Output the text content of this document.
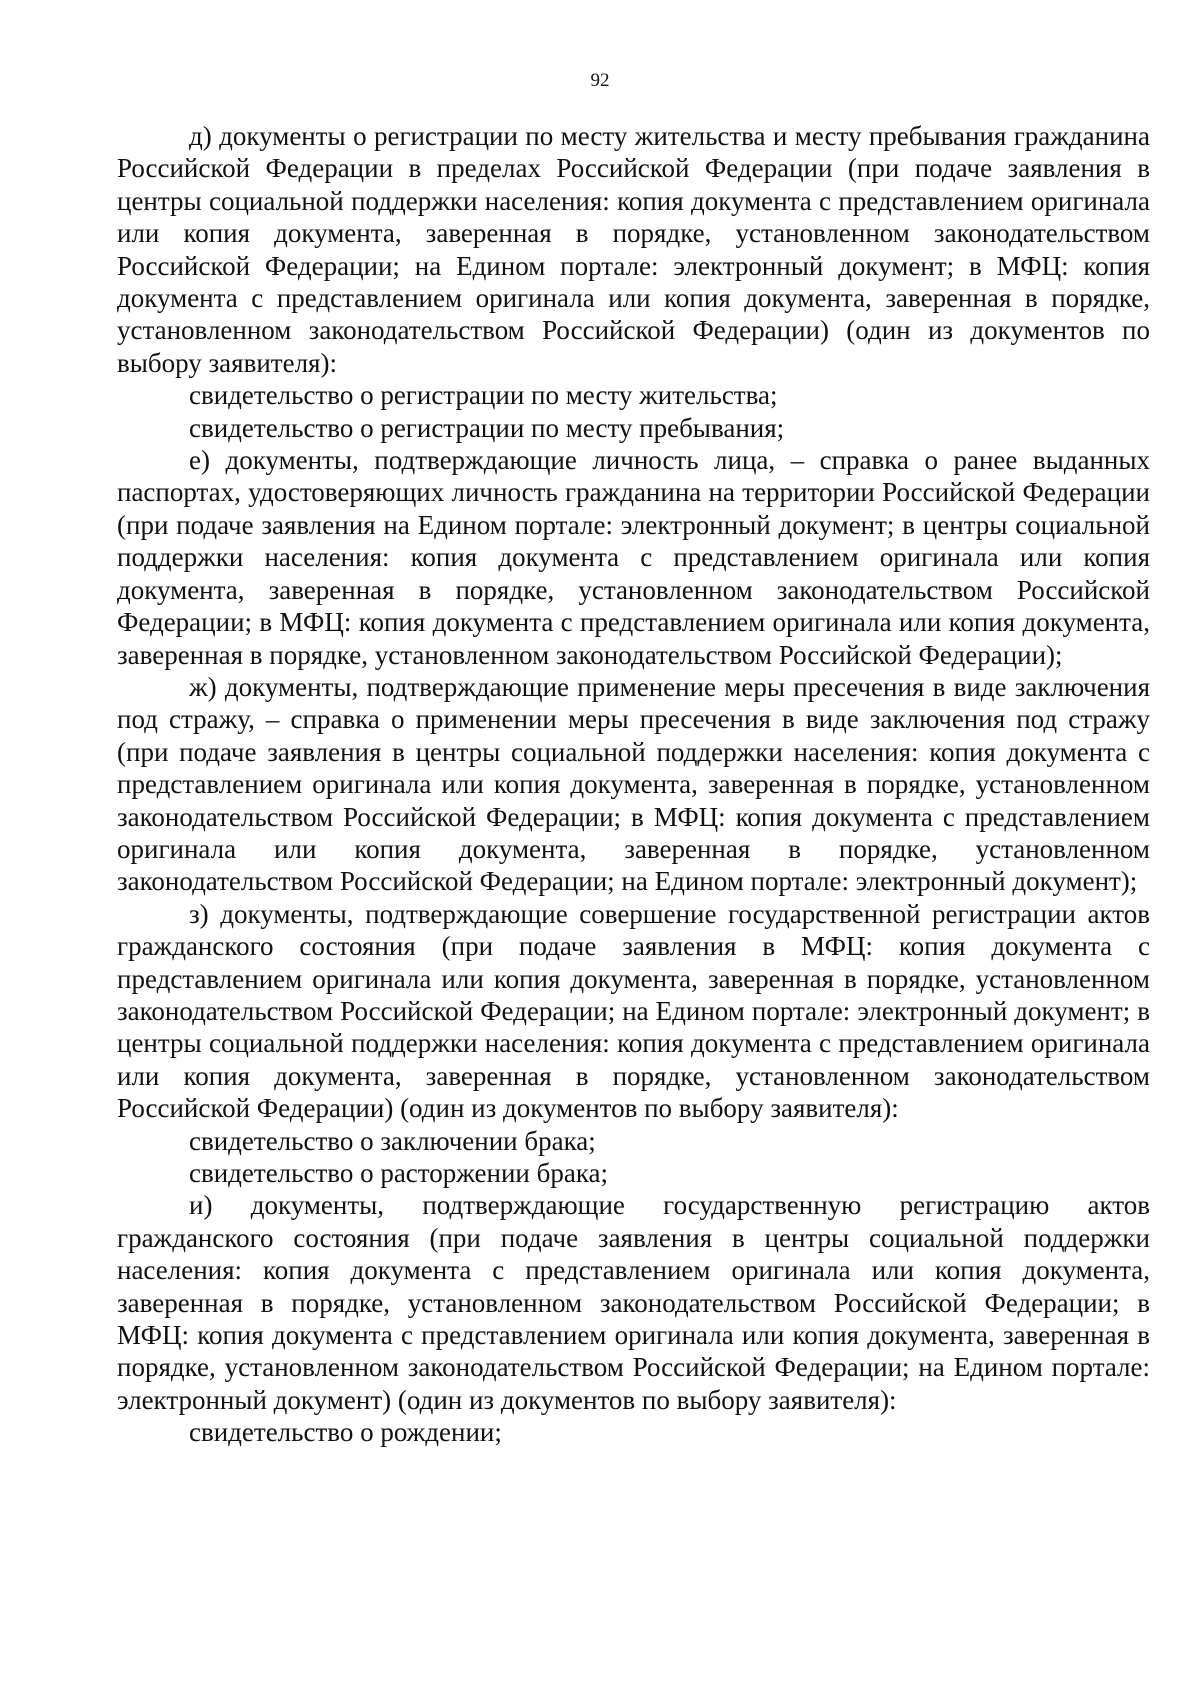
92

д) документы о регистрации по месту жительства и месту пребывания гражданина Российской Федерации в пределах Российской Федерации (при подаче заявления в центры социальной поддержки населения: копия документа с представлением оригинала или копия документа, заверенная в порядке, установленном законодательством Российской Федерации; на Едином портале: электронный документ; в МФЦ: копия документа с представлением оригинала или копия документа, заверенная в порядке, установленном законодательством Российской Федерации) (один из документов по выбору заявителя):

свидетельство о регистрации по месту жительства;

свидетельство о регистрации по месту пребывания;

е) документы, подтверждающие личность лица, – справка о ранее выданных паспортах, удостоверяющих личность гражданина на территории Российской Федерации (при подаче заявления на Едином портале: электронный документ; в центры социальной поддержки населения: копия документа с представлением оригинала или копия документа, заверенная в порядке, установленном законодательством Российской Федерации; в МФЦ: копия документа с представлением оригинала или копия документа, заверенная в порядке, установленном законодательством Российской Федерации);

ж) документы, подтверждающие применение меры пресечения в виде заключения под стражу, – справка о применении меры пресечения в виде заключения под стражу (при подаче заявления в центры социальной поддержки населения: копия документа с представлением оригинала или копия документа, заверенная в порядке, установленном законодательством Российской Федерации; в МФЦ: копия документа с представлением оригинала или копия документа, заверенная в порядке, установленном законодательством Российской Федерации; на Едином портале: электронный документ);

з) документы, подтверждающие совершение государственной регистрации актов гражданского состояния (при подаче заявления в МФЦ: копия документа с представлением оригинала или копия документа, заверенная в порядке, установленном законодательством Российской Федерации; на Едином портале: электронный документ; в центры социальной поддержки населения: копия документа с представлением оригинала или копия документа, заверенная в порядке, установленном законодательством Российской Федерации) (один из документов по выбору заявителя):

свидетельство о заключении брака;

свидетельство о расторжении брака;

и) документы, подтверждающие государственную регистрацию актов гражданского состояния (при подаче заявления в центры социальной поддержки населения: копия документа с представлением оригинала или копия документа, заверенная в порядке, установленном законодательством Российской Федерации; в МФЦ: копия документа с представлением оригинала или копия документа, заверенная в порядке, установленном законодательством Российской Федерации; на Едином портале: электронный документ) (один из документов по выбору заявителя):

свидетельство о рождении;
